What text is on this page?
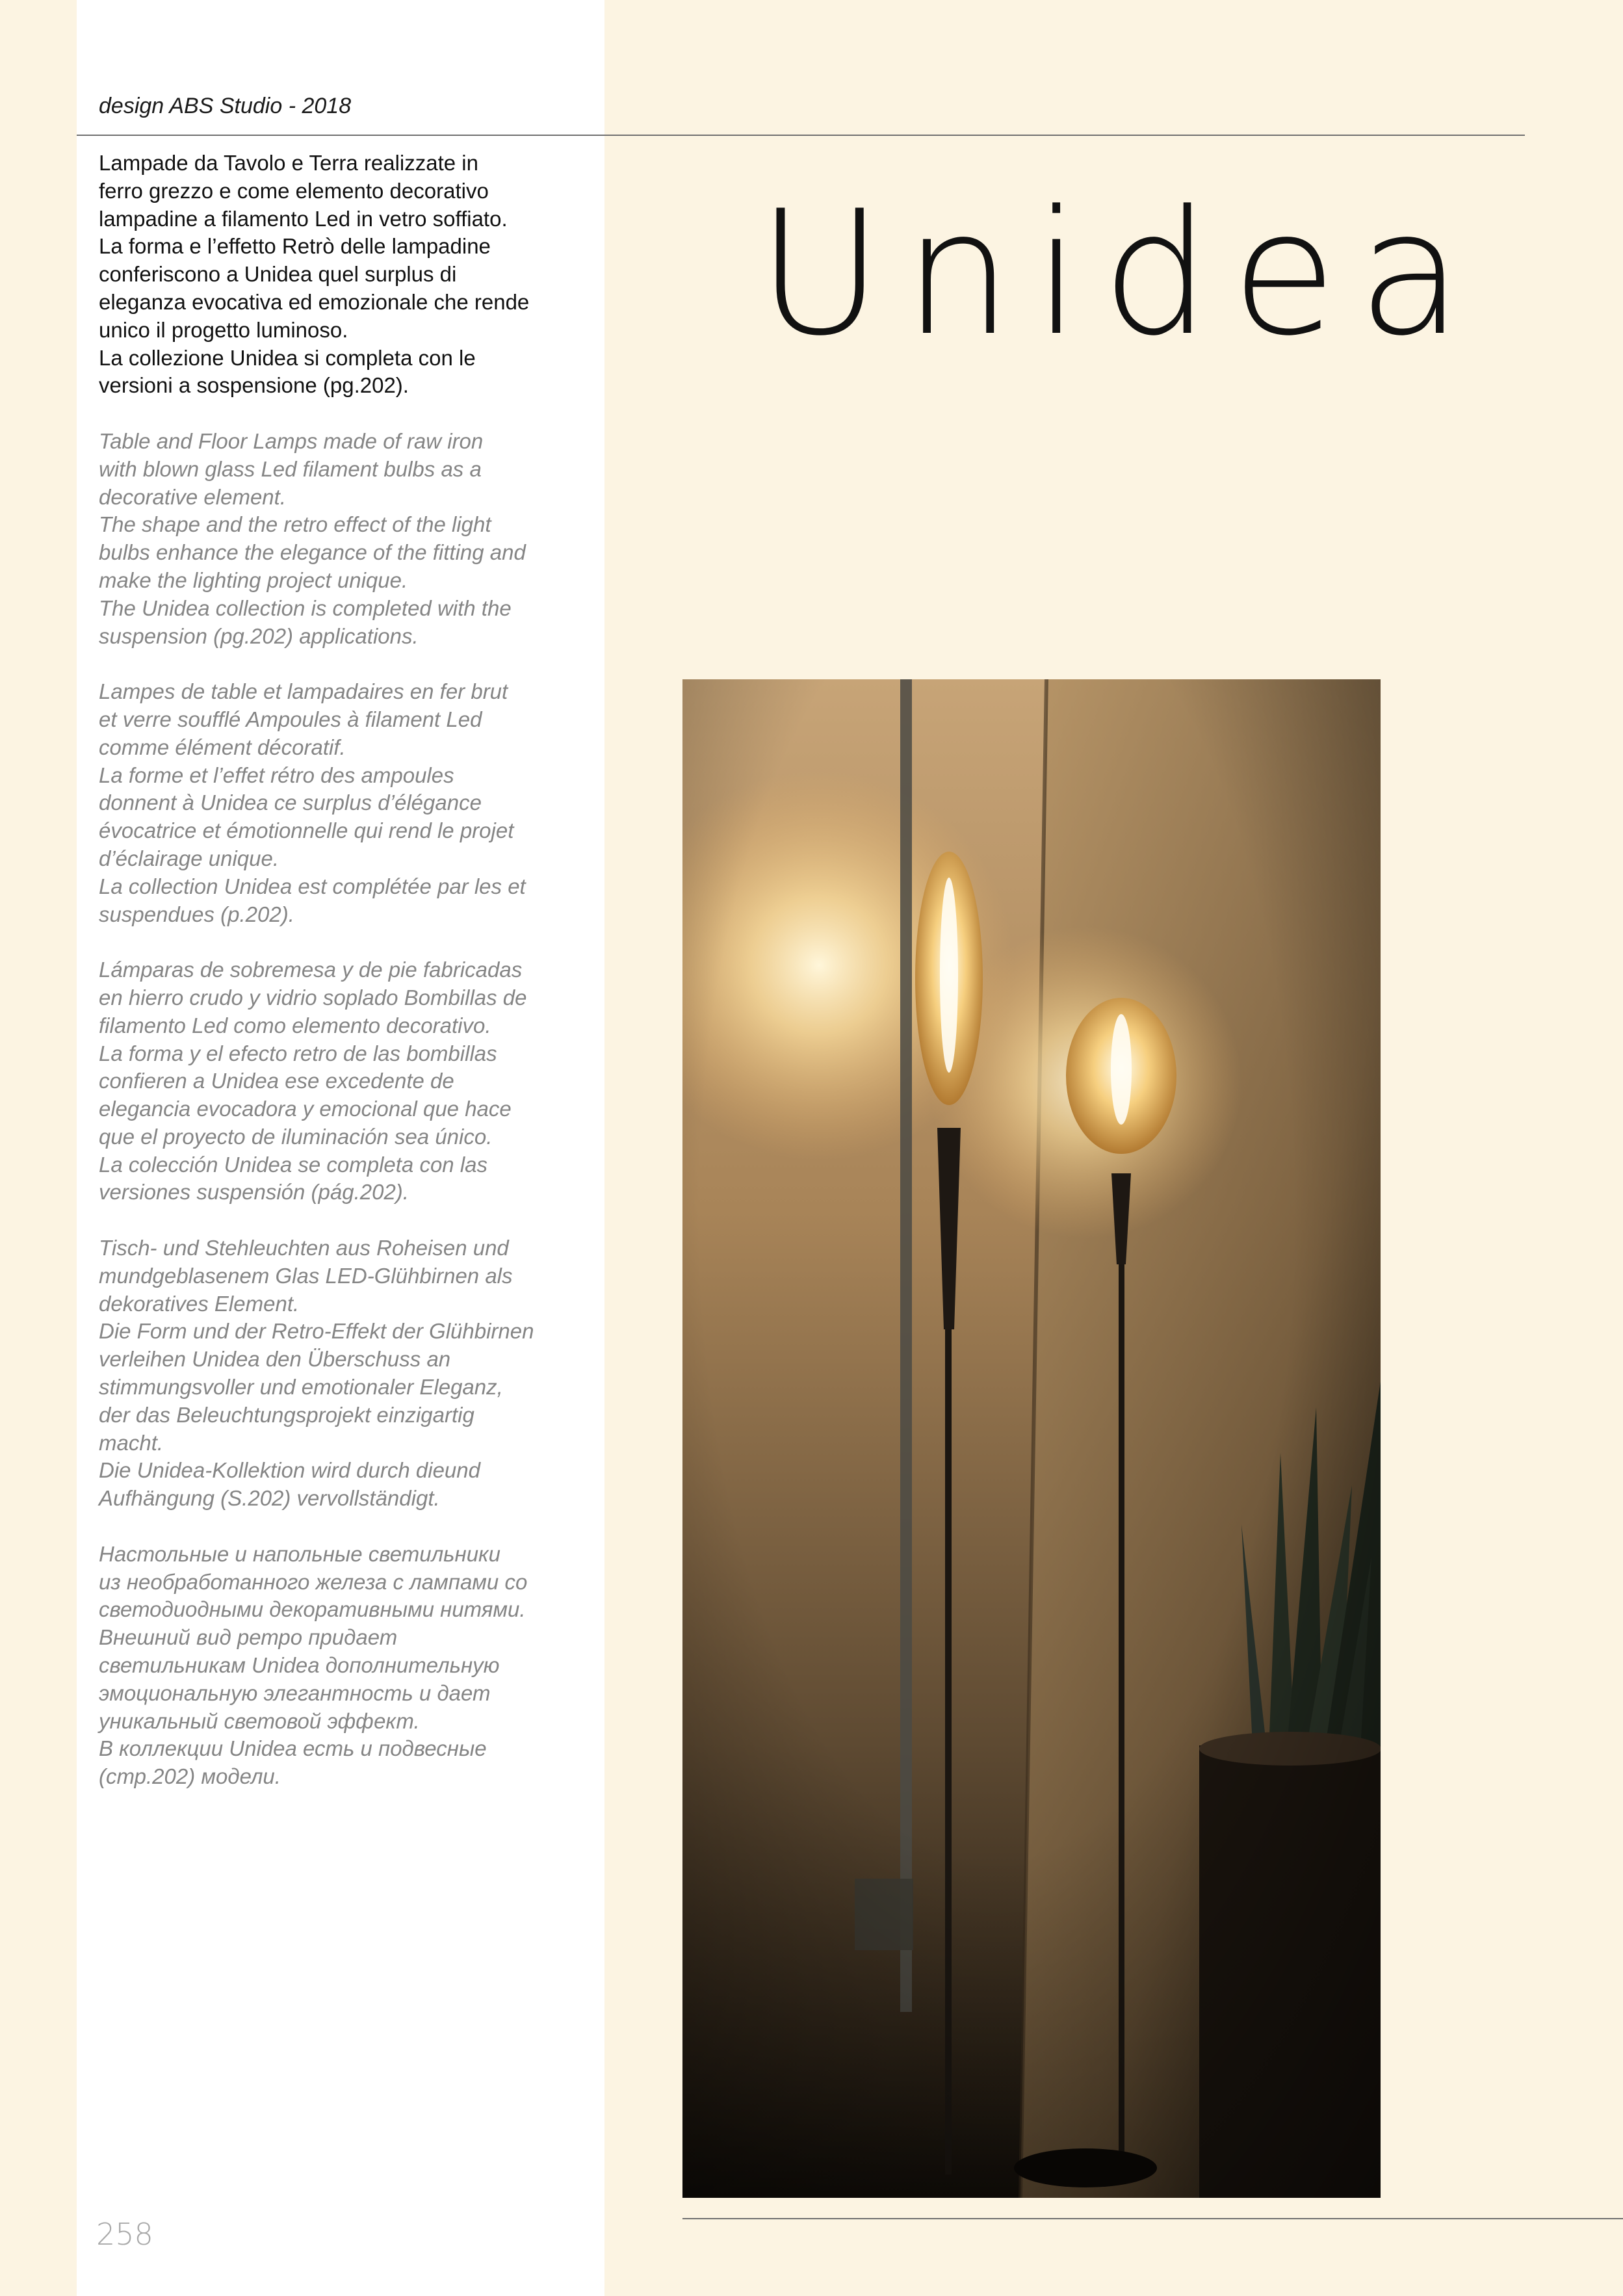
design ABS Studio - 2018
Unidea

Lampade da Tavolo e Terra realizzate in
ferro grezzo e come elemento decorativo
lampadine a filamento Led in vetro soffiato.
La forma e l’effetto Retrò delle lampadine
conferiscono a Unidea quel surplus di
eleganza evocativa ed emozionale che rende
unico il progetto luminoso.
La collezione Unidea si completa con le
versioni a sospensione (pg.202).

Table and Floor Lamps made of raw iron
with blown glass Led filament bulbs as a
decorative element.
The shape and the retro effect of the light
bulbs enhance the elegance of the fitting and
make the lighting project unique.
The Unidea collection is completed with the
suspension (pg.202) applications.

Lampes de table et lampadaires en fer brut
et verre soufflé Ampoules à filament Led
comme élément décoratif.
La forme et l’effet rétro des ampoules
donnent à Unidea ce surplus d’élégance
évocatrice et émotionnelle qui rend le projet
d’éclairage unique.
La collection Unidea est complétée par les et
suspendues (p.202).

Lámparas de sobremesa y de pie fabricadas
en hierro crudo y vidrio soplado Bombillas de
filamento Led como elemento decorativo.
La forma y el efecto retro de las bombillas
confieren a Unidea ese excedente de
elegancia evocadora y emocional que hace
que el proyecto de iluminación sea único.
La colección Unidea se completa con las
versiones suspensión (pág.202).

Tisch- und Stehleuchten aus Roheisen und
mundgeblasenem Glas LED-Glühbirnen als
dekoratives Element.
Die Form und der Retro-Effekt der Glühbirnen
verleihen Unidea den Überschuss an
stimmungsvoller und emotionaler Eleganz,
der das Beleuchtungsprojekt einzigartig
macht.
Die Unidea-Kollektion wird durch dieund
Aufhängung (S.202) vervollständigt.

Настольные и напольные светильники
из необработанного железа с лампами со
светодиодными декоративными нитями.
Внешний вид ретро придает
светильникам Unidea дополнительную
эмоциональную элегантность и дает
уникальный световой эффект.
В коллекции Unidea есть и подвесные
(стр.202) модели.

258
